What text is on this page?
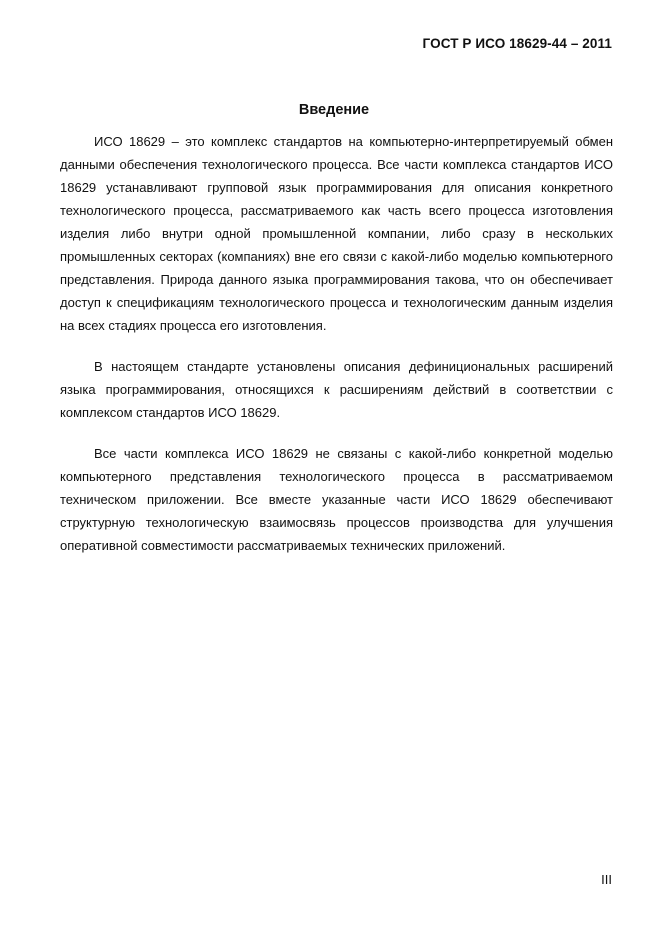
ГОСТ Р ИСО 18629-44 – 2011
Введение

ИСО 18629 – это комплекс стандартов на компьютерно-интерпретируемый обмен данными обеспечения технологического процесса. Все части комплекса стандартов ИСО 18629 устанавливают групповой язык программирования для описания конкретного технологического процесса, рассматриваемого как часть всего процесса изготовления изделия либо внутри одной промышленной компании, либо сразу в нескольких промышленных секторах (компаниях) вне его связи с какой-либо моделью компьютерного представления. Природа данного языка программирования такова, что он обеспечивает доступ к спецификациям технологического процесса и технологическим данным изделия на всех стадиях процесса его изготовления.

В настоящем стандарте установлены описания дефинициональных расширений языка программирования, относящихся к расширениям действий в соответствии с комплексом стандартов ИСО 18629.

Все части комплекса ИСО 18629 не связаны с какой-либо конкретной моделью компьютерного представления технологического процесса в рассматриваемом техническом приложении. Все вместе указанные части ИСО 18629 обеспечивают структурную технологическую взаимосвязь процессов производства для улучшения оперативной совместимости рассматриваемых технических приложений.

III
